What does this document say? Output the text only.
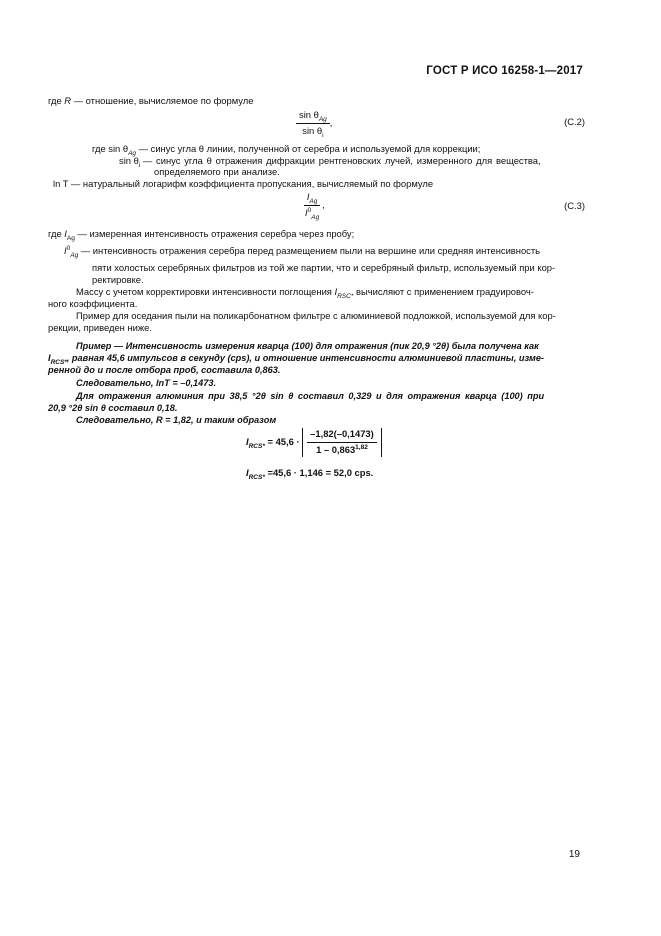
ГОСТ Р ИСО 16258-1—2017
где R — отношение, вычисляемое по формуле
$\frac{\sin \theta_{Ag}}{\sin \theta_i}$ ,	(C.2)
где $\sin \theta_{Ag}$ — синус угла θ линии, полученной от серебра и используемой для коррекции;
$\sin \theta_i$ — синус угла θ отражения дифракции рентгеновских лучей, измеренного для вещества,
определяемого при анализе.
ln T — натуральный логарифм коэффициента пропускания, вычисляемый по формуле
$\frac{I_{Ag}}{I^0_{Ag}}$ ,	(C.3)
где $I_{Ag}$ — измеренная интенсивность отражения серебра через пробу;
$I^0_{Ag}$ — интенсивность отражения серебра перед размещением пыли на вершине или средняя интенсивность
пяти холостых серебряных фильтров из той же партии, что и серебряный фильтр, используемый при кор-
ректировке.
Массу с учетом корректировки интенсивности поглощения $I_{RSC*}$ вычисляют с применением градуировоч-
ного коэффициента.
Пример для оседания пыли на поликарбонатном фильтре с алюминиевой подложкой, используемой для кор-
рекции, приведен ниже.
Пример — Интенсивность измерения кварца (100) для отражения (пик 20,9 °2θ) была получена как
$I_{RCS*}$, равная 45,6 импульсов в секунду (cps), и отношение интенсивности алюминиевой пластины, изме-
ренной до и после отбора проб, составила 0,863.
Следовательно, lnT = –0,1473.
Для отражения алюминия при 38,5 °2θ sin θ составил 0,329 и для отражения кварца (100) при
20,9 °2θ sin θ составил 0,18.
Следовательно, R = 1,82, и таким образом
$I_{RCS*} = 45,6 \cdot \frac{-1,82(-0,1473)}{1 - 0,863^{1,82}}$
$I_{RCS*} =45,6 \cdot 1,146 = 52,0$ cps.
19
